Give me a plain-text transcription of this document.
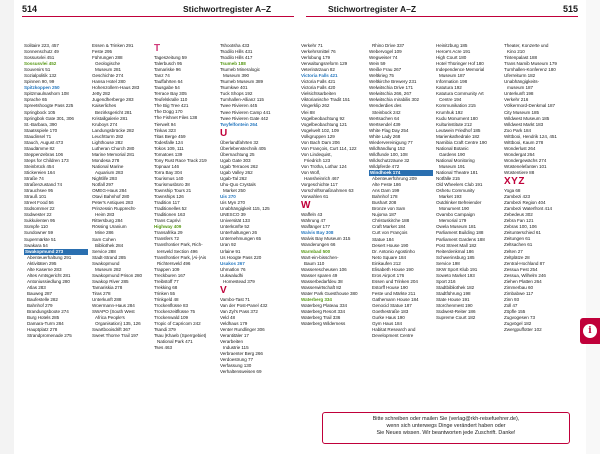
514	Stichwortregister A–Z	Stichwortregister A–Z	515
Solitaire 223, 457
Sonnenschutz 49
Sossusvlei 451
Sossusvlei 452
Souvenirs 51
Sozialpolitik 132
Spinnen 90, 99
Spitzkoppen 250
Spitzmaulnashorn 108
Sprache 65
Spreetshoogte Pass 225
Springbock 105
Springbok Gate 301, 306
St.-Barbara, 390
Staatsspiele 170
Staudinsel 71
Stauch, August 473
Staudämme 82
Steppenzebras 106
Steps for Children 173
Steinbrück 454
Stickereien 164
Straße 74
Straßenzustand 74
Strauchsee 95
Strauß 101
Street Food 56
Südsommer 22
Südwester 22
Sukkulenten 95
Sümpfe 110
Sundowner 59
Supermärkte 51
Swakara 54
Swakopmund 273
Abenteuerhaltung 291
Aktivitäten 295
Alte Kaserne 283
Altes Amtsgericht 281
Antoniussiedlung 280
Atlas 283
Bauweg 287
Baufestelle 282
Bahnhof 279
Brandungsboote 274
Burg Hotels 285
Damara-Turm 284
Hauptplatz 278
Strandpromenade 275
Essen & Trinken 291
Feste 295
Führungen 288
Geologische
Museum 281
Geschichte 274
Hansa Hotel 280
Hohenzollern-Haus 283
Jetty 282
Jugendherberge 283
Kaiserliches
Bezirksgericht 281
Kristallgalerie 281
Kruboys 274
Landungsbrücke 282
Leuchtturm 282
Lighthouse 282
Lutheran Church 280
Marine Memorial 281
Mondesa 278
National Marine
Aquarium 283
Nightlife 293
Notfall 297
OMEG-Haus 284
Otavi Bahnhof 280
Peter's Antiques 283
Prinzessin Rupprecht-
Heim 283
Rittersburg 284
Rössing Uranium
Mine 286
Sam Cohen
Bibliothek 284
Service 288
Stadt-Strand 285
Swakopmund
Museum 282
Swakopmund Prison 280
Swakop River 285
Tamariskia 278
Tiras 278
Unterkunft 288
Woermann-Haus 284
SWAPO (South West
Africa People's
Organisation) 135, 126
Swartbooisdrift 367
Sweet Thorne Trail 197
T
Tageszeitung 59
Talerbusch 95
Tamariske 96
Tanz 74
Tauffahrten 64
Tausgabe 54
Terrace Bay 305
Teufelskralle 110
The Big Tree 421
The Dogg 170
The Fishnet Files 138
Tierwelt 94
Tinkas 323
Titas Berge 459
Todesfalle 124
Tokos 109, 111
Tomatoes 139
Tony Rust Race Track 219
Topnaar 146
Torra Bay 304
Tourismus 140
Tourismusbüro 38
Township Tours 21
Townships 126
Tradition 117
Traditionelles 52
Traditionen 163
Trans Caprivi
Highway 409
Transafrika 29
Transfers 72
Transfrontier Park, Rich-
tersveld Section 496
Transfrontier Park, |Ai-|Ais
Richtersveld 496
Trappen 109
Treckburen 167
Treibstoff 77
Trekking 68
Trinken 55
Trinkgeld 48
Trockenflüsse 83
Trockenzeitflüsse 75
Trockenwald 109
Tropic of Capricorn 242
Tsandi 379
Tsau |Khaeb (Sperrgebiet)
National Park 471
Tses 463
Tshootsha 433
Tsodilo Hills 431
Tsodilo Hills 417
Tsumeb 188
Tsumeb Mineralogic
Museum 390
Tsumeb Museum 389
Tsumkwe 401
Tuck Shops 192
Tumhallen-Allianz 115
Twee Rivieren 445
Twee Rivieren Camp 441
Twee Rivieren Gate 442
Twyfelfontein 264
U
Überlandfahrten 32
Überlebenstechnik 405
Übernachtung 25
Ugab Gate 303
Ugab Terraces 262
Ugab Valley 262
Ugab-Tal 262
Uhu-Quo Crystals
Market 250
Uis 270
Uis Myn 270
Unabhängigkeit 115, 125
UNESCO 39
Universität 133
Unterkünfte 52
Unterhaltungen 26
Unternehmungen 65
Uran 92
Urlaine 91
Us Hoogte Pass 220
Usakos 267
Uhmatlon 76
Uukwaludhi
Homestead 379
V
Vambo-Tast 71
Van der Post-Panel 432
Van Zyl's Pass 372
Veld 48
Veldhaus 179
Venter Rundlinger 306
Verantitäler 17
Verarbeiten
Industrie 115
Verbraenter Berg 266
Verdoestrung 77
Verfassung 130
Verhaltensweisen 69
Verkehr 71
Verkehrsmittel 76
Verlobung 179
Verwaltungsreform 129
Veterinärzaun 82
Victoria Falls 421
Victoria Falls 421
Victoria Falls 420
Vielsichtsarbeiten
Viktorianische Tradit 151
Vingerklip 262
Vlei 88
Vogelbeobachtung 92
Vogelbeobachtung 121
Vogelwelt 102, 109
Volkgruppen 129
Von Bach Dam 206
Von François, Curt 114, 122
Von Lindequist,
Friedrich 123
Von Trotha, Lothar 124
Von Wolf,
Hansheinrich 467
Vorgeschichte 117
Vorschriftsmaßnahmen 63
Vorwahlen 61
W
Waffeln 43
Währung 47
Walfänger 177
Walvis Bay 308
Walvis Bay Museum 315
Wanderungen 66
Warmbad 500
Wart-ein-bisschen-
Baum 110
Wasserescheusen 106
Wasser sparen 49
Wasserbedarfdeu 38
Wasserwirtschaft 82
Water Park Guesthouse 380
Waterberg 334
Waterberg Plateau 334
Waterberg Resort 334
Waterberg Trail 336
Waterberg Wilderness
Rhino Drive 337
Webervogel 109
Wegweiser 74
Wein 59
Weiße Frau 267
Weltkrieg 75
Weltkirche Brewery 231
Welwitschia Drive 171
Welwitschia 266, 267
Welwitschia mirabilis 302
Wenderdies des
Steinbock 242
Wertsachen 64
Wertsendel 439
White Flag Day 254
White Lady 268
Wiedervereinigung 77
Wildhändlung 152
Wildfunde 100, 108
Wildschutzzäune 32
Wildpferde 472
Windhoek 174
Abenteuerführung 209
Alte Feste 186
Ans Dam 199
Bahnhof 178
Bushart 208
Bronze von Sam
Nujoma 187
Christuskirche 188
Craft Market 184
Curt von François
Statue 184
Desert House 190
Dr. Antonio Agostinho
Neto Square 184
Einkaufen 212
Elisabeth House 190
Eros Airport 176
Essen und Trinken 204
Estorff House 190
Feste und Märkte 211
Gathemann House 184
Genocid Statue 187
Goethestraße 183
Gurke Haus 190
Gym Haus 184
Habitat Research and
Development Centre
Heinitzburg 185
Heroe's Acre 191
High Court 180
Hotel Thüringer Hof 180
Independence Memorial
Museum 187
Information 198
Katutura 192
Katutura Community Art
Centre 194
Kommunikation 215
Krumhuk 192
Kudu Monument 180
Kulturinstitute 212
Leutwein Friedhof 185
Marienkathedrale 182
Namibia Craft Centre 190
National Botanic
Gardens 190
National Monitoring
Museum 191
National Theatre 181
Notfälle 215
Old Wheelers Club 191
Oshetu Community
Market 193
Outdrinker Befreiender
Monument 190
Ovambo Campaign
Memorial 179
Owela Museum 181
Parliament Building 188
Parliament Gardens 188
Post Street Mall 182
Reiterdenkmal 186
Schwerinsburg 185
Service 198
SKW Sport Klub 191
Soweto Market 193
Sport 216
Stadtbibliothek 182
Stadtführung 198
State House 191
Storchenmest 190
Südwest-Reiter 186
Supreme Court 182
Theater, Konzerte und
Kino 210
Tintenpalast 188
Trans Namib Museum 179
Turnhallen-Konferenz 180
Uferreiturm 182
Unabhängigkeits-
museum 187
Unterkunft 198
Verkehr 216
Völkermord-Denkmal 187
City Museum 185
Wildwest Museum 185
Wildwest Markt 183
Zoo Park 184
Wittbooi, Hendrik 124, 451
Wittbooi, Kaum 278
Wonderlust 264
Wondergat 264
Wondergewächs 274
Wüstenelefanten 101
Wüstentiere 88
XYZ
Yoga 68
Zambezi 423
Zambezi Region 404
Zambezi Waterfront 414
Zebedeus 302
Zebra Fan 121
Zebras 100, 106
Zeitunterschied 61
Zeitungen 61
Zeltsachen 61
Zelten 27
Zeltplätze 28
Zentral-Hochland 87
Zessua Fest 254
Zessua, Wilhelm 246
Ziehen Platten 264
Zimmerbau 60
Zimbabwe 117
Zinn 93
Zoll 47
Zöpfle 155
Zugvogesen 73
Zugvögel 182
Zwergpuffotter 102
Bitte schreiben oder mailen Sie (verlag@rkh-reisefuehrer.de),
wenn sich unterwegs Dinge verändert haben oder
Sie Neues wissen. Wir beantworten jede Zuschrift. Danke!
i
